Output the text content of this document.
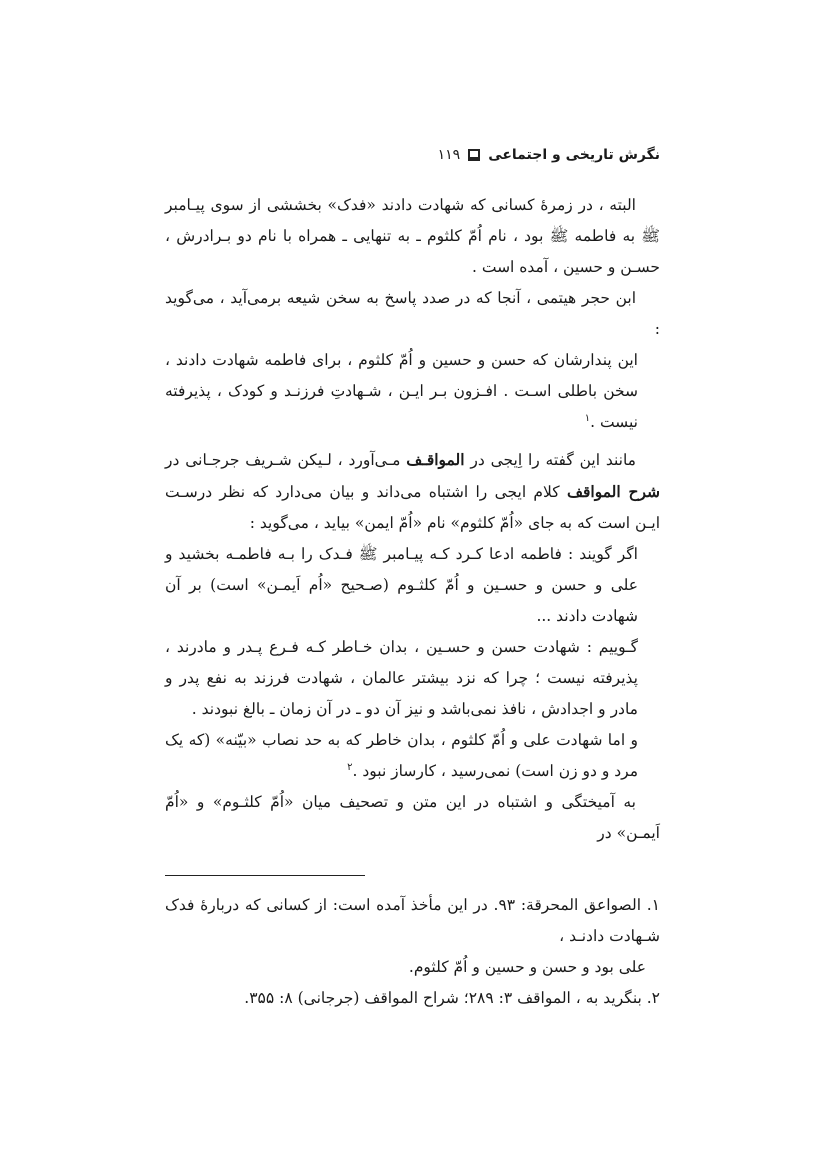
نگرش تاریخی و اجتماعی
۱۱۹

البته ، در زمرهٔ کسانی که شهادت دادند «فدک» بخششی از سوی پیـامبر ﷺ به فاطمه ﷺ بود ، نام اُمّ کلثوم ـ به تنهایی ـ همراه با نام دو بـرادرش ، حسـن و حسین ، آمده است .

ابن حجر هیتمی ، آنجا که در صدد پاسخ به سخن شیعه برمی‌آید ، می‌گوید :

این پندارشان که حسن و حسین و اُمّ کلثوم ، برای فاطمه شهادت دادند ، سخن باطلی اسـت . افـزون بـر ایـن ، شـهادتِ فرزنـد و کودک ، پذیرفته نیست .$^۱$

مانند این گفته را اِیجی در المواقـف مـی‌آورد ، لـیکن شـریف جرجـانی در شرح المواقف کلام ایجی را اشتباه می‌داند و بیان می‌دارد که نظر درسـت ایـن است که به جای «اُمّ کلثوم» نام «اُمّ ایمن» بیاید ، می‌گوید :

اگر گویند : فاطمه ادعا کـرد کـه پیـامبر ﷺ فـدک را بـه فاطمـه بخشید و علی و حسن و حسـین و اُمّ کلثـوم (صـحیح «اُم اَیمـن» است) بر آن شهادت دادند ...

گـوییم : شهادت حسن و حسـین ، بدان خـاطر کـه فـرع پـدر و مادرند ، پذیرفته نیست ؛ چرا که نزد بیشتر عالمان ، شهادت فرزند به نفع پدر و مادر و اجدادش ، نافذ نمی‌باشد و نیز آن دو ـ در آن زمان ـ بالغ نبودند .

و اما شهادت علی و اُمّ کلثوم ، بدان خاطر که به حد نصاب «بیّنه» (که یک مرد و دو زن است) نمی‌رسید ، کارساز نبود .$^۲$

به آمیختگی و اشتباه در این متن و تصحیف میان «اُمّ کلثـوم» و «اُمّ اَیمـن» در

۱. الصواعق المحرقة: ۹۳. در این مأخذ آمده است: از کسانی که دربارهٔ فدک شـهادت دادنـد ،

علی بود و حسن و حسین و اُمّ کلثوم.

۲. بنگرید به ، المواقف ۳: ۲۸۹؛ شراح المواقف (جرجانی) ۸: ۳۵۵.
